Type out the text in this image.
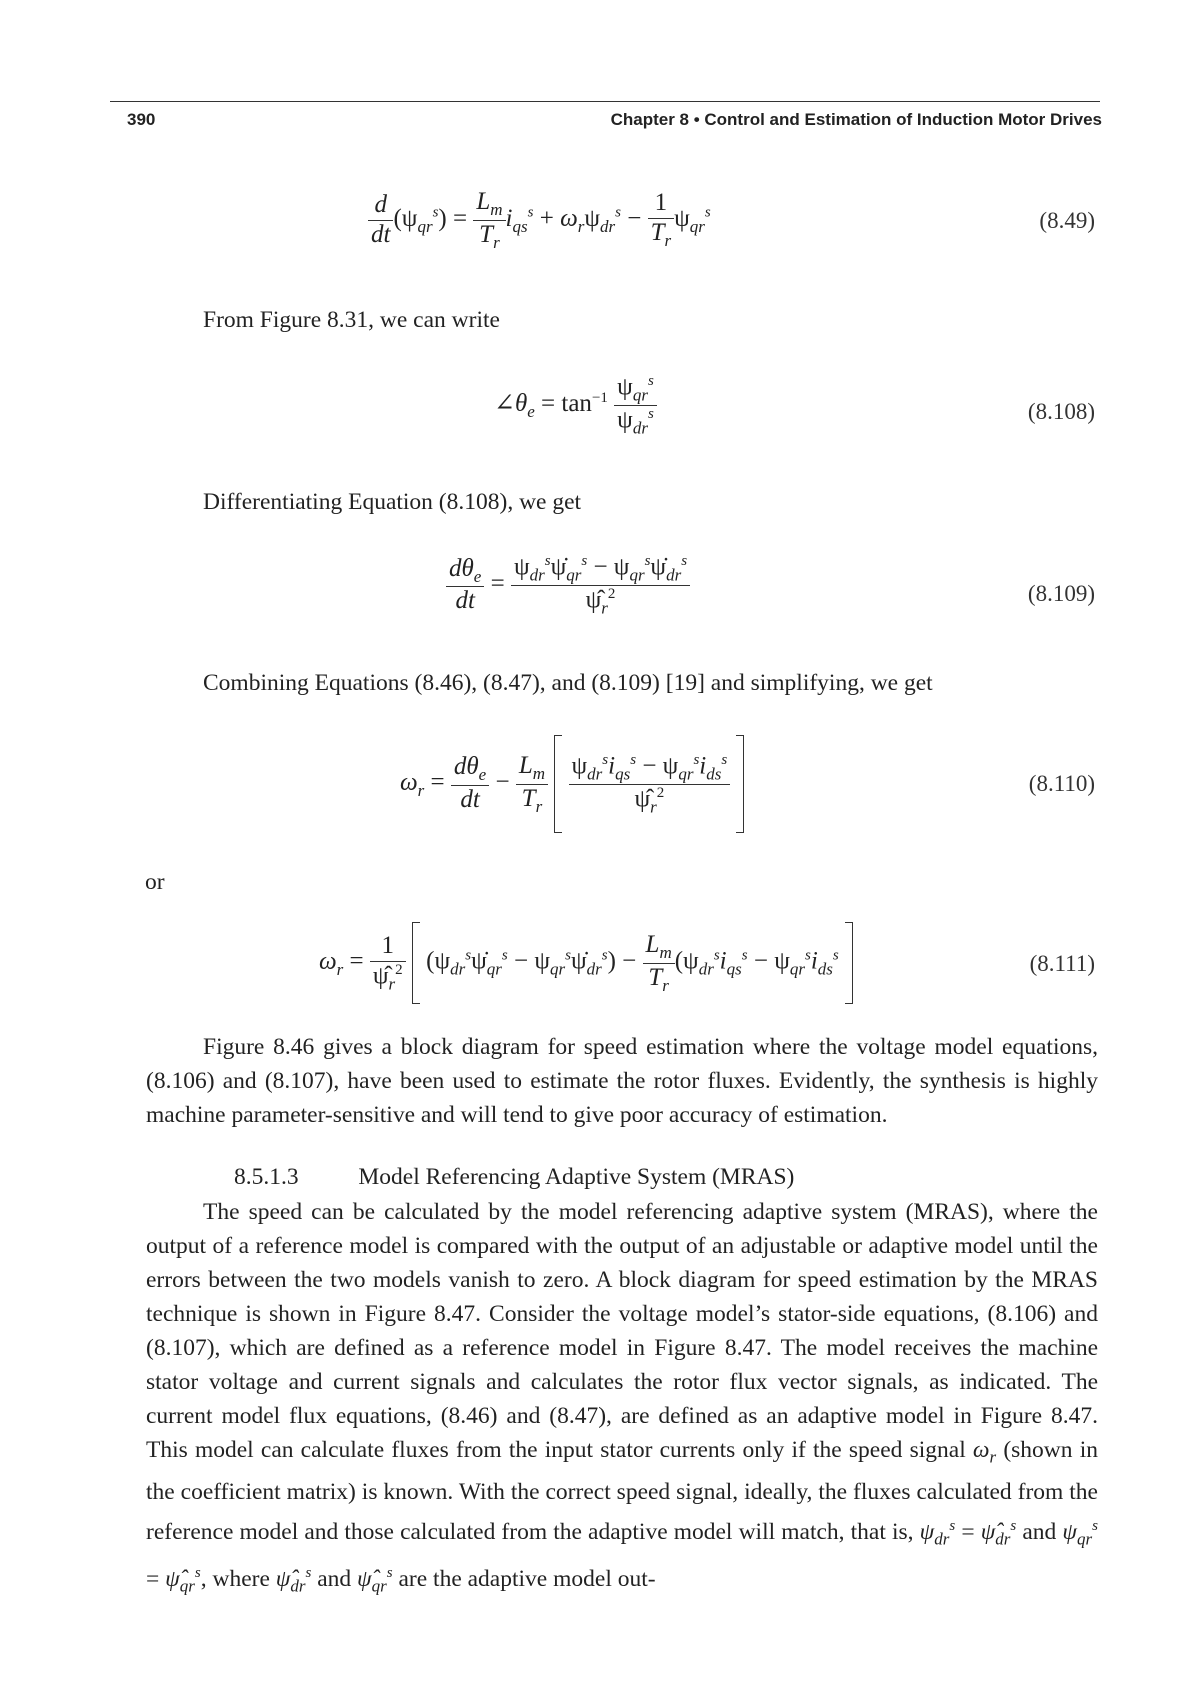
390	Chapter 8 • Control and Estimation of Induction Motor Drives
$\frac{d}{dt} (\psi_{qr}^s) = \frac{L_m}{T_r} i_{qs}^s + \omega_r\psi_{dr}^s - \frac{1}{T_r} \psi_{qr}^s$	(8.49)
From Figure 8.31, we can write
$\angle\theta_e = \tan^{-1} \frac{\psi_{qr}^s}{\psi_{dr}^s}$	(8.108)
Differentiating Equation (8.108), we get
$\frac{d\theta_e}{dt} = \frac{\psi_{dr}^s\psi̇_{qr}^s - \psi_{qr}^s\psi̇_{dr}^s}{\psî_r^2}$	(8.109)
Combining Equations (8.46), (8.47), and (8.109) [19] and simplifying, we get
$\omega_r = \frac{d\theta_e}{dt} - \frac{L_m}{T_r}$
$\frac{\psi_{dr}^si_{qs}^s - \psi_{qr}^si_{ds}^s}{\psî_r^2}$
	(8.110)
or
$\omega_r = \frac{1}{\psî_r^2}$ ($\psi_{dr}^s\psi̇_{qr}^s$ − $\psi_{qr}^s\psi̇_{dr}^s) - \frac{L_m}{T_r} (\psi_{dr}^si_{qs}^s - \psi_{qr}^si_{ds}^s$	(8.111)
Figure 8.46 gives a block diagram for speed estimation where the voltage model equations, (8.106) and (8.107), have been used to estimate the rotor fluxes. Evidently, the synthesis is highly machine parameter-sensitive and will tend to give poor accuracy of estimation.
8.5.1.3	Model Referencing Adaptive System (MRAS)
The speed can be calculated by the model referencing adaptive system (MRAS), where the output of a reference model is compared with the output of an adjustable or adaptive model until the errors between the two models vanish to zero. A block diagram for speed estimation by the MRAS technique is shown in Figure 8.47. Consider the voltage model’s stator-side equations, (8.106) and (8.107), which are defined as a reference model in Figure 8.47. The model receives the machine stator voltage and current signals and calculates the rotor flux vector signals, as indicated. The current model flux equations, (8.46) and (8.47), are defined as an adaptive model in Figure 8.47. This model can calculate fluxes from the input stator currents only if the speed signal $\omega_r$ (shown in the coefficient matrix) is known. With the correct speed signal, ideally, the fluxes calculated from the reference model and those calculated from the adaptive model will match, that is, $\psi_{dr}^s$ = $\psî_{dr}^s$ and $\psi_{qr}^s$ = $\psî_{qr}^s$, where $\psî_{dr}^s$ and $\psî_{qr}^s$ are the adaptive model out-
